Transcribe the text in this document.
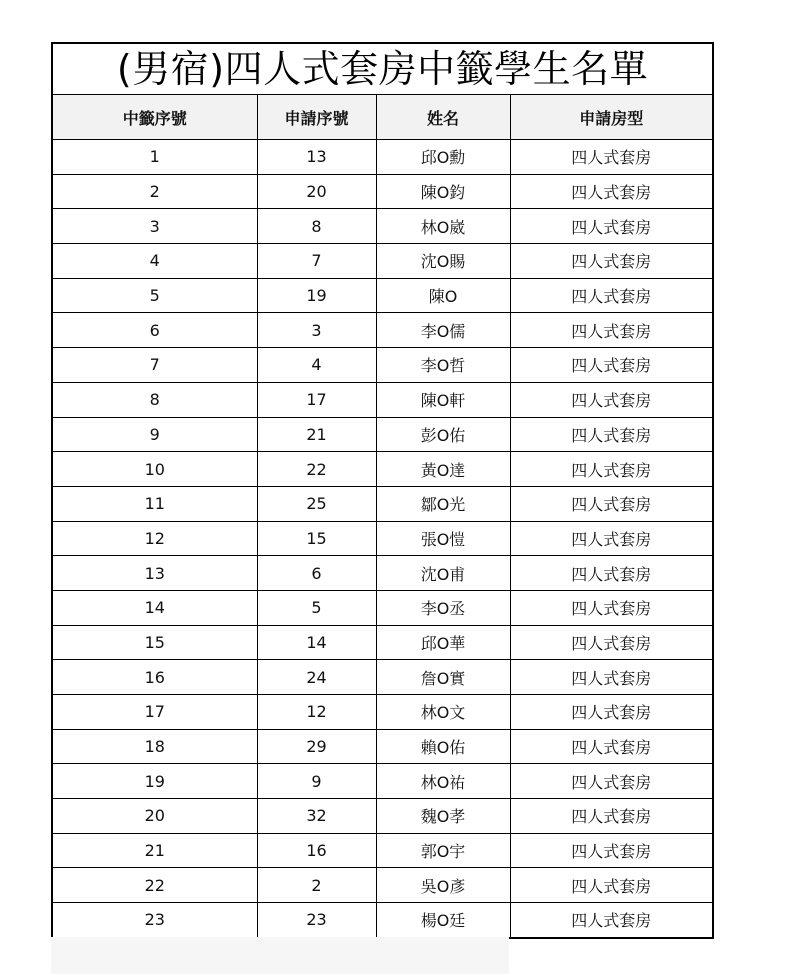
(男宿)四人式套房中籤學生名單
中籤序號	申請序號	姓名	申請房型
1	13	邱O勳	四人式套房
2	20	陳O鈞	四人式套房
3	8	林O崴	四人式套房
4	7	沈O賜	四人式套房
5	19	陳O	四人式套房
6	3	李O儒	四人式套房
7	4	李O哲	四人式套房
8	17	陳O軒	四人式套房
9	21	彭O佑	四人式套房
10	22	黃O達	四人式套房
11	25	鄒O光	四人式套房
12	15	張O愷	四人式套房
13	6	沈O甫	四人式套房
14	5	李O丞	四人式套房
15	14	邱O華	四人式套房
16	24	詹O實	四人式套房
17	12	林O文	四人式套房
18	29	賴O佑	四人式套房
19	9	林O祐	四人式套房
20	32	魏O孝	四人式套房
21	16	郭O宇	四人式套房
22	2	吳O彥	四人式套房
23	23	楊O廷	四人式套房
